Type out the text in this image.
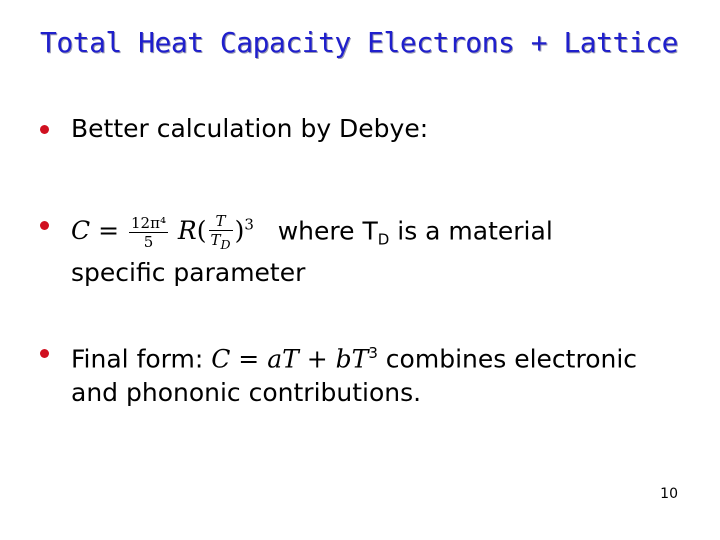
Total Heat Capacity Electrons + Lattice
Better calculation by Debye:
$C = \frac{\text{12π⁴}}{5} R( \frac{T}{T_D} )^3$ where $T_D$ is a material
specific parameter
Final form: C = aT + $bT^3$ combines electronic
and phononic contributions.
10
